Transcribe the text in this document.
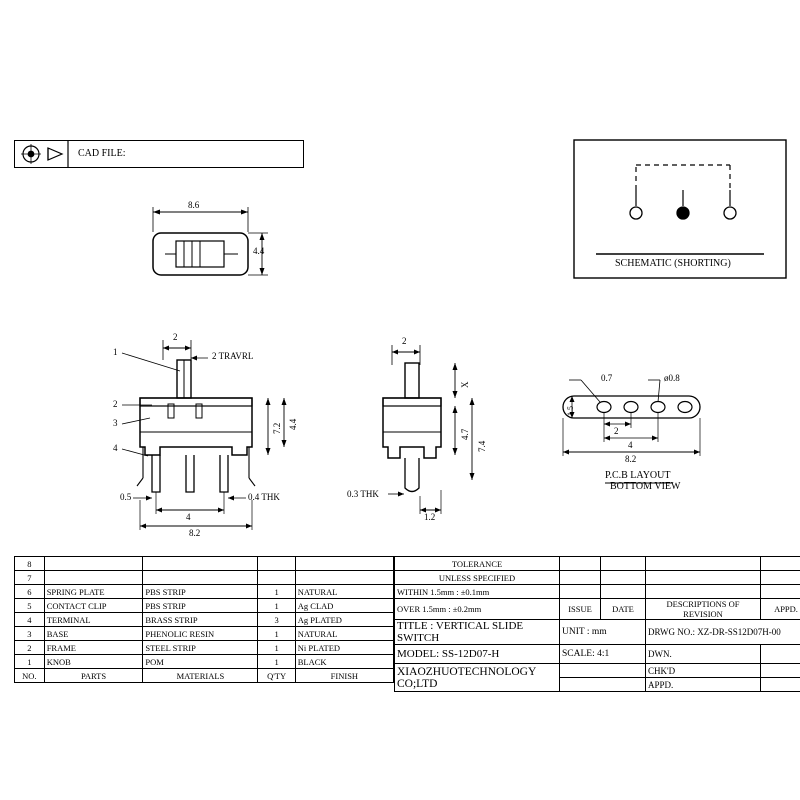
CAD FILE:
SCHEMATIC (SHORTING)
8.6
4.4
1
2
3
4
2
2 TRAVRL
7.2 4.4
0.5	0.4 THK
4
8.2
2
X
4.7
7.4
0.3 THK
1.2
0.7	ø0.8
1.5
2
4
8.2
P.C.B LAYOUT
BOTTOM VIEW
8				
7				
6	SPRING PLATE	PBS STRIP	1	NATURAL
5	CONTACT CLIP	PBS STRIP	1	Ag CLAD
4	TERMINAL	BRASS STRIP	3	Ag PLATED
3	BASE	PHENOLIC RESIN	1	NATURAL
2	FRAME	STEEL STRIP	1	Ni PLATED
1	KNOB	POM	1	BLACK
NO.	PARTS	MATERIALS	Q'TY	FINISH
TOLERANCE				
UNLESS SPECIFIED				
WITHIN 1.5mm : ±0.1mm				
OVER 1.5mm : ±0.2mm	ISSUE	DATE	DESCRIPTIONS OF REVISION	APPD.
TITLE : VERTICAL SLIDE SWITCH	UNIT : mm		DRWG NO.: XZ-DR-SS12D07H-00	
MODEL: SS-12D07-H	SCALE: 4:1		DWN.	
XIAOZHUOTECHNOLOGY CO;LTD			CHK'D	
			APPD.	
